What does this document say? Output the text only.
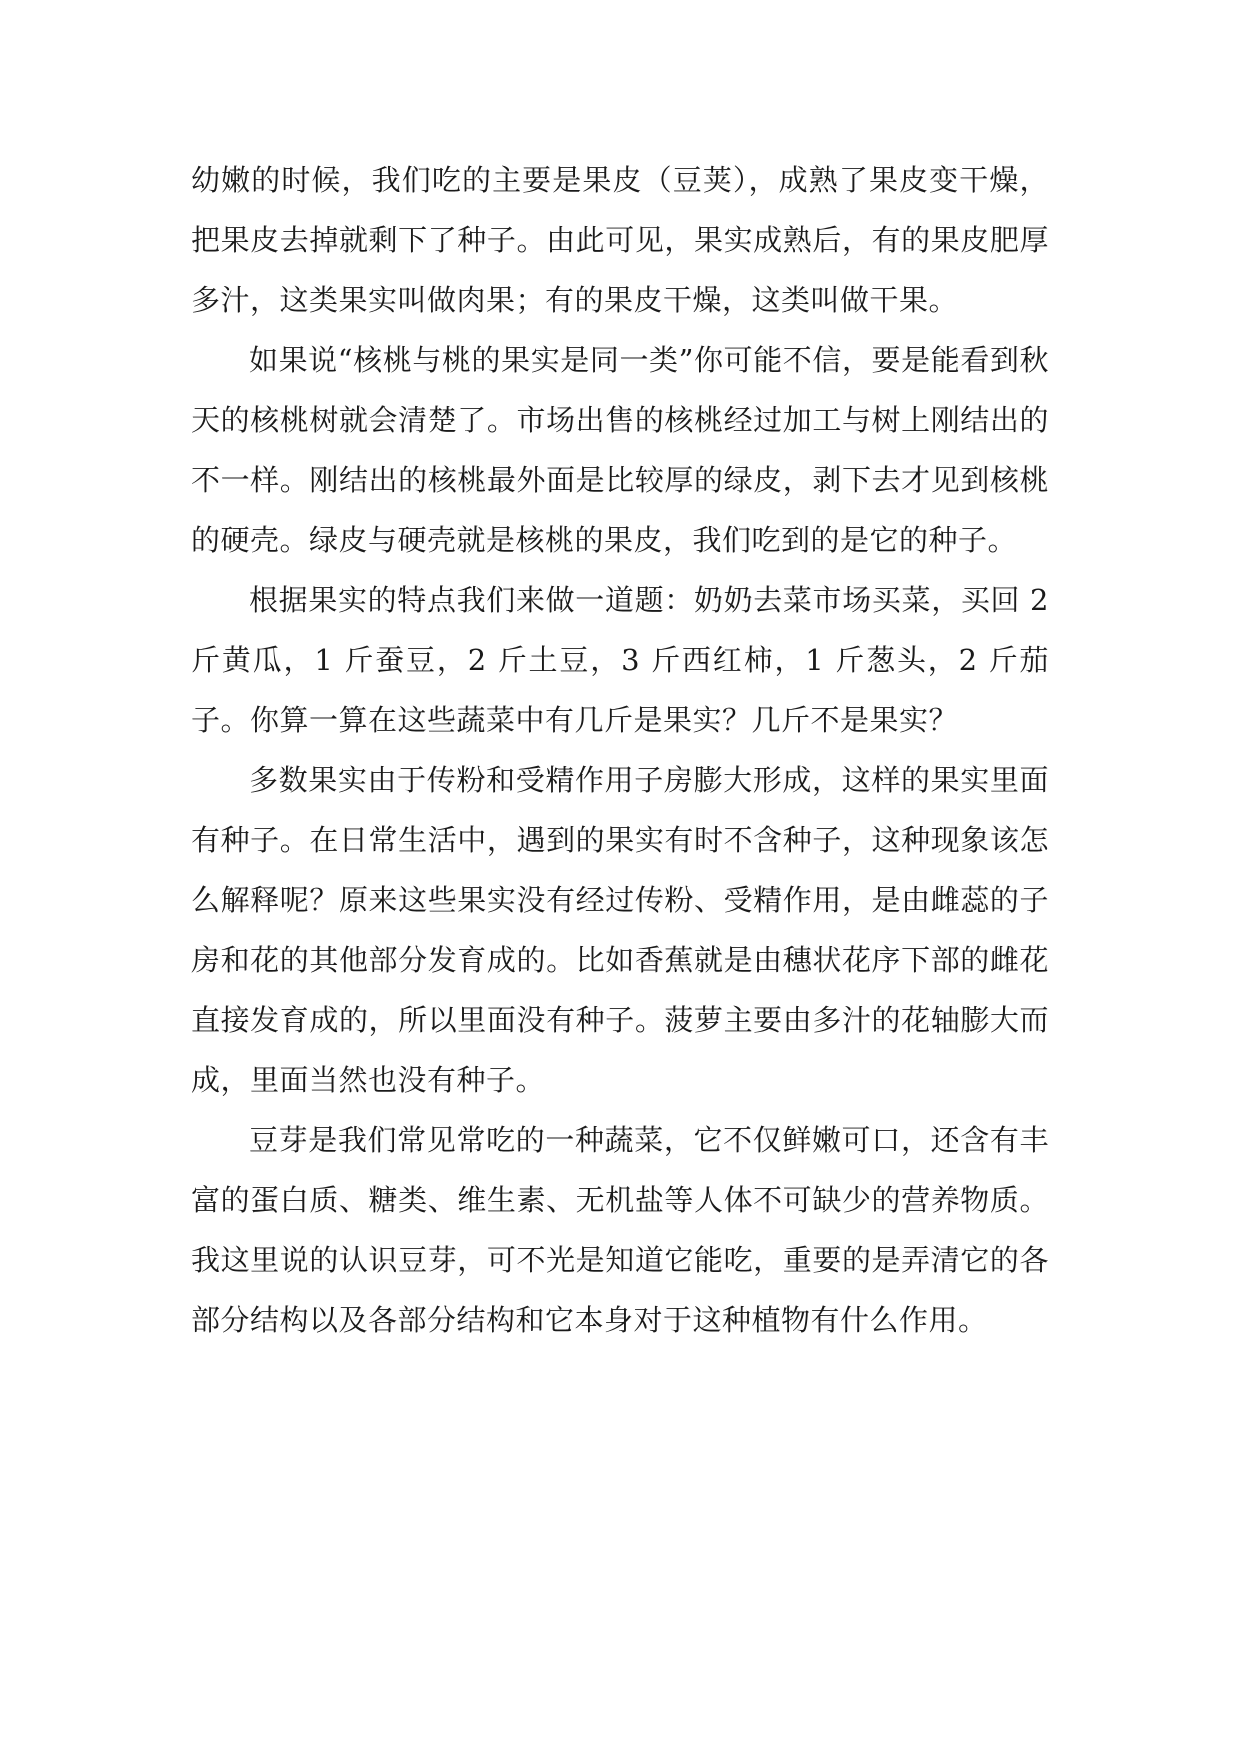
幼嫩的时候，我们吃的主要是果皮（豆荚），成熟了果皮变干燥，把果皮去掉就剩下了种子。由此可见，果实成熟后，有的果皮肥厚多汁，这类果实叫做肉果；有的果皮干燥，这类叫做干果。

如果说“核桃与桃的果实是同一类”你可能不信，要是能看到秋天的核桃树就会清楚了。市场出售的核桃经过加工与树上刚结出的不一样。刚结出的核桃最外面是比较厚的绿皮，剥下去才见到核桃的硬壳。绿皮与硬壳就是核桃的果皮，我们吃到的是它的种子。

根据果实的特点我们来做一道题：奶奶去菜市场买菜，买回 2 斤黄瓜，1 斤蚕豆，2 斤土豆，3 斤西红柿，1 斤葱头，2 斤茄子。你算一算在这些蔬菜中有几斤是果实？几斤不是果实？

多数果实由于传粉和受精作用子房膨大形成，这样的果实里面有种子。在日常生活中，遇到的果实有时不含种子，这种现象该怎么解释呢？原来这些果实没有经过传粉、受精作用，是由雌蕊的子房和花的其他部分发育成的。比如香蕉就是由穗状花序下部的雌花直接发育成的，所以里面没有种子。菠萝主要由多汁的花轴膨大而成，里面当然也没有种子。

豆芽是我们常见常吃的一种蔬菜，它不仅鲜嫩可口，还含有丰富的蛋白质、糖类、维生素、无机盐等人体不可缺少的营养物质。我这里说的认识豆芽，可不光是知道它能吃，重要的是弄清它的各部分结构以及各部分结构和它本身对于这种植物有什么作用。
